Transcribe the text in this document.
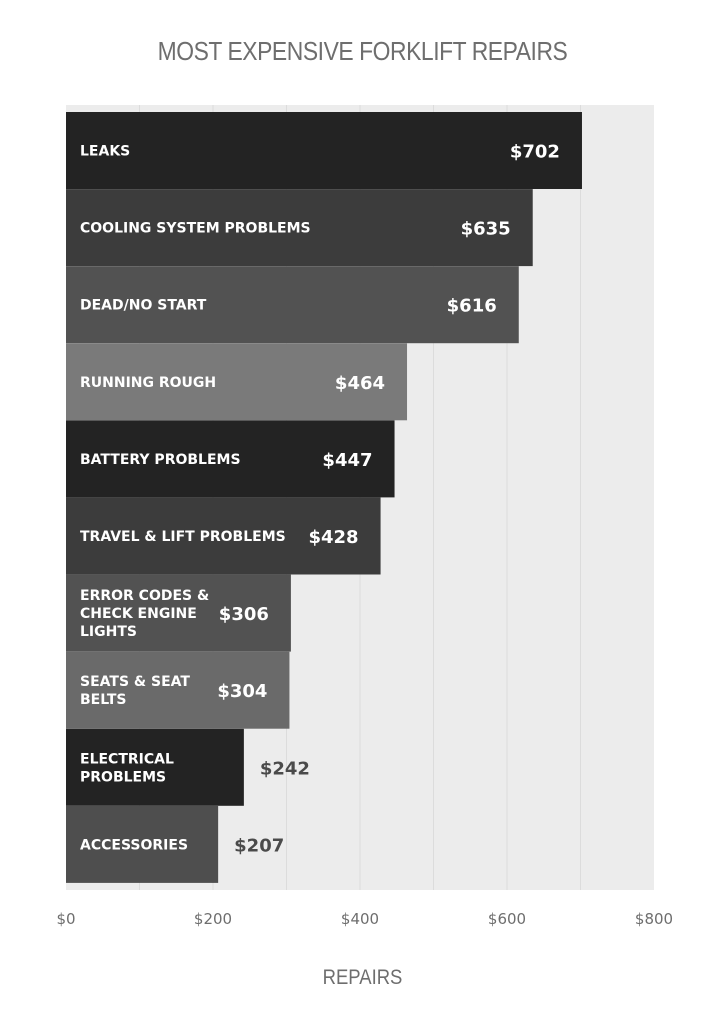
MOST EXPENSIVE FORKLIFT REPAIRS
LEAKS	$702
COOLING SYSTEM PROBLEMS	$635
DEAD/NO START	$616
RUNNING ROUGH	$464
BATTERY PROBLEMS	$447
TRAVEL & LIFT PROBLEMS $428
ERROR CODES & CHECK ENGINE LIGHTS
$306
SEATS & SEAT BELTS	$304
ELECTRICAL PROBLEMS	$242
ACCESSORIES	$207
$0	$200	$400	$600	$800
REPAIRS
